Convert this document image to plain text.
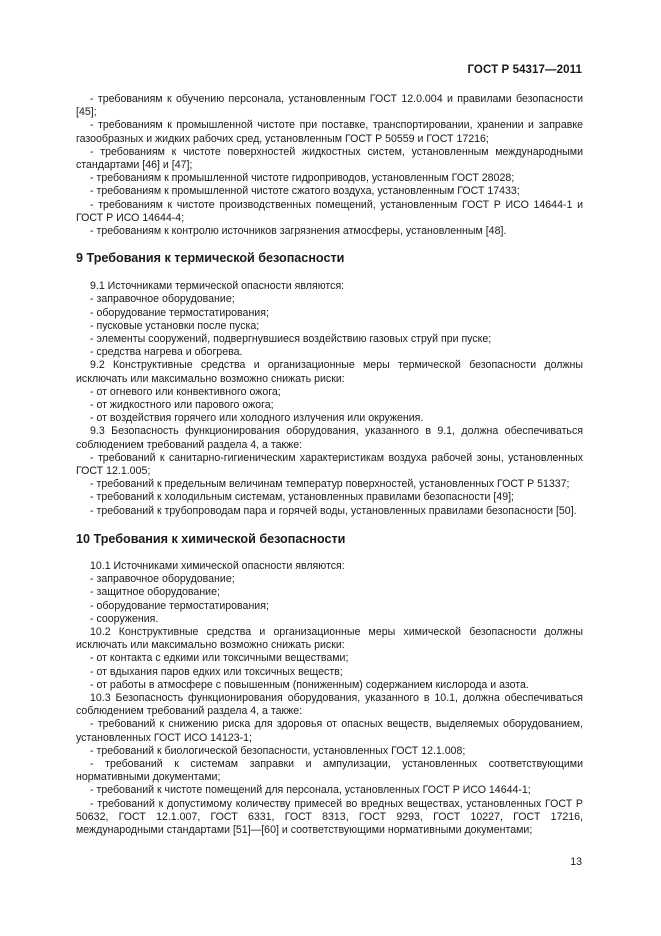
ГОСТ Р 54317—2011

- требованиям к обучению персонала, установленным ГОСТ 12.0.004 и правилами безопасности [45];

- требованиям к промышленной чистоте при поставке, транспортировании, хранении и заправке газообразных и жидких рабочих сред, установленным ГОСТ Р 50559 и ГОСТ 17216;

- требованиям к чистоте поверхностей жидкостных систем, установленным международными стандартами [46] и [47];

- требованиям к промышленной чистоте гидроприводов, установленным ГОСТ 28028;

- требованиям к промышленной чистоте сжатого воздуха, установленным ГОСТ 17433;

- требованиям к чистоте производственных помещений, установленным ГОСТ Р ИСО 14644-1 и ГОСТ Р ИСО 14644-4;

- требованиям к контролю источников загрязнения атмосферы, установленным [48].

9 Требования к термической безопасности

9.1 Источниками термической опасности являются:

- заправочное оборудование;

- оборудование термостатирования;

- пусковые установки после пуска;

- элементы сооружений, подвергнувшиеся воздействию газовых струй при пуске;

- средства нагрева и обогрева.

9.2 Конструктивные средства и организационные меры термической безопасности должны исключать или максимально возможно снижать риски:

- от огневого или конвективного ожога;

- от жидкостного или парового ожога;

- от воздействия горячего или холодного излучения или окружения.

9.3 Безопасность функционирования оборудования, указанного в 9.1, должна обеспечиваться соблюдением требований раздела 4, а также:

- требований к санитарно-гигиеническим характеристикам воздуха рабочей зоны, установленных ГОСТ 12.1.005;

- требований к предельным величинам температур поверхностей, установленных ГОСТ Р 51337;

- требований к холодильным системам, установленных правилами безопасности [49];

- требований к трубопроводам пара и горячей воды, установленных правилами безопасности [50].

10 Требования к химической безопасности

10.1 Источниками химической опасности являются:

- заправочное оборудование;

- защитное оборудование;

- оборудование термостатирования;

- сооружения.

10.2 Конструктивные средства и организационные меры химической безопасности должны исключать или максимально возможно снижать риски:

- от контакта с едкими или токсичными веществами;

- от вдыхания паров едких или токсичных веществ;

- от работы в атмосфере с повышенным (пониженным) содержанием кислорода и азота.

10.3 Безопасность функционирования оборудования, указанного в 10.1, должна обеспечиваться соблюдением требований раздела 4, а также:

- требований к снижению риска для здоровья от опасных веществ, выделяемых оборудованием, установленных ГОСТ ИСО 14123-1;

- требований к биологической безопасности, установленных ГОСТ 12.1.008;

- требований к системам заправки и ампулизации, установленных соответствующими нормативными документами;

- требований к чистоте помещений для персонала, установленных ГОСТ Р ИСО 14644-1;

- требований к допустимому количеству примесей во вредных веществах, установленных ГОСТ Р 50632, ГОСТ 12.1.007, ГОСТ 6331, ГОСТ 8313, ГОСТ 9293, ГОСТ 10227, ГОСТ 17216, международными стандартами [51]—[60] и соответствующими нормативными документами;

13
